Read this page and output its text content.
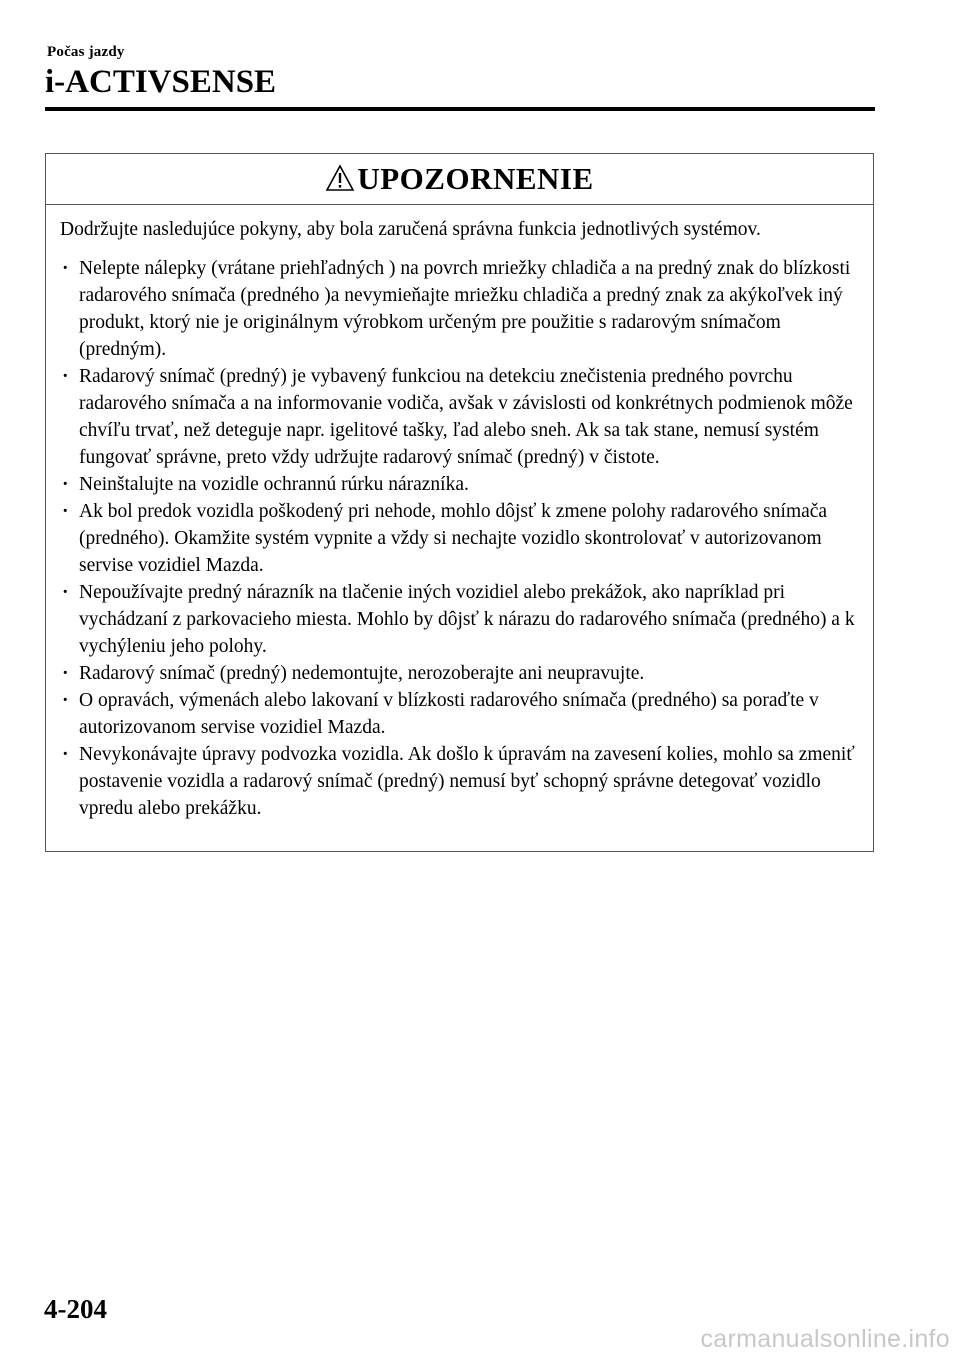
Počas jazdy
i-ACTIVSENSE
UPOZORNENIE
Dodržujte nasledujúce pokyny, aby bola zaručená správna funkcia jednotlivých systémov.
· Nelepte nálepky (vrátane priehľadných ) na povrch mriežky chladiča a na predný znak do blízkosti radarového snímača (predného )a nevymieňajte mriežku chladiča a predný znak za akýkoľvek iný produkt, ktorý nie je originálnym výrobkom určeným pre použitie s radarovým snímačom (predným).
· Radarový snímač (predný) je vybavený funkciou na detekciu znečistenia predného povrchu radarového snímača a na informovanie vodiča, avšak v závislosti od konkrétnych podmienok môže chvíľu trvať, než deteguje napr. igelitové tašky, ľad alebo sneh. Ak sa tak stane, nemusí systém fungovať správne, preto vždy udržujte radarový snímač (predný) v čistote.
· Neinštalujte na vozidle ochrannú rúrku nárazníka.
· Ak bol predok vozidla poškodený pri nehode, mohlo dôjsť k zmene polohy radarového snímača (predného). Okamžite systém vypnite a vždy si nechajte vozidlo skontrolovať v autorizovanom servise vozidiel Mazda.
· Nepoužívajte predný nárazník na tlačenie iných vozidiel alebo prekážok, ako napríklad pri vychádzaní z parkovacieho miesta. Mohlo by dôjsť k nárazu do radarového snímača (predného) a k vychýleniu jeho polohy.
· Radarový snímač (predný) nedemontujte, nerozoberajte ani neupravujte.
· O opravách, výmenách alebo lakovaní v blízkosti radarového snímača (predného) sa poraďte v autorizovanom servise vozidiel Mazda.
· Nevykonávajte úpravy podvozka vozidla. Ak došlo k úpravám na zavesení kolies, mohlo sa zmeniť postavenie vozidla a radarový snímač (predný) nemusí byť schopný správne detegovať vozidlo vpredu alebo prekážku.
4-204
carmanualsonline.info
